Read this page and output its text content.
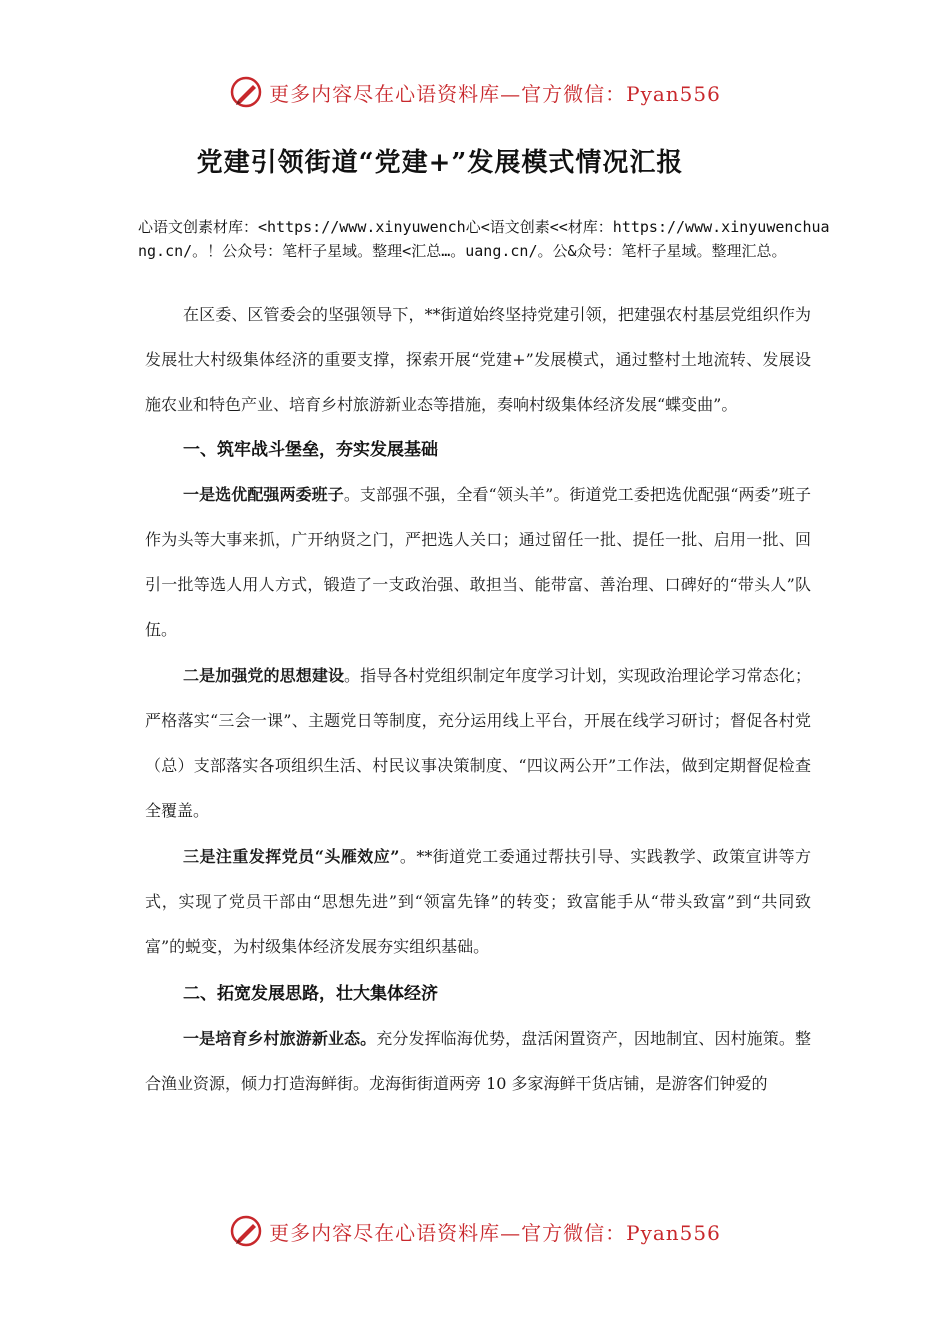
更多内容尽在心语资料库—官方微信：Pyan556
党建引领街道“党建+”发展模式情况汇报

心语文创素材库：<https://www.xinyuwench心<语文创素<<材库：https://www.xinyuwenchuang.cn/。！公众号：笔杆子星域。整理<汇总…。uang.cn/。公&众号：笔杆子星域。整理汇总。

在区委、区管委会的坚强领导下，**街道始终坚持党建引领，把建强农村基层党组织作为发展壮大村级集体经济的重要支撑，探索开展“党建+”发展模式，通过整村土地流转、发展设施农业和特色产业、培育乡村旅游新业态等措施，奏响村级集体经济发展“蝶变曲”。

一、筑牢战斗堡垒，夯实发展基础

一是选优配强两委班子。支部强不强，全看“领头羊”。街道党工委把选优配强“两委”班子作为头等大事来抓，广开纳贤之门，严把选人关口；通过留任一批、提任一批、启用一批、回引一批等选人用人方式，锻造了一支政治强、敢担当、能带富、善治理、口碑好的“带头人”队伍。

二是加强党的思想建设。指导各村党组织制定年度学习计划，实现政治理论学习常态化；严格落实“三会一课”、主题党日等制度，充分运用线上平台，开展在线学习研讨；督促各村党（总）支部落实各项组织生活、村民议事决策制度、“四议两公开”工作法，做到定期督促检查全覆盖。

三是注重发挥党员“头雁效应”。**街道党工委通过帮扶引导、实践教学、政策宣讲等方式，实现了党员干部由“思想先进”到“领富先锋”的转变；致富能手从“带头致富”到“共同致富”的蜕变，为村级集体经济发展夯实组织基础。

二、拓宽发展思路，壮大集体经济

一是培育乡村旅游新业态。充分发挥临海优势，盘活闲置资产，因地制宜、因村施策。整合渔业资源，倾力打造海鲜街。龙海街街道两旁 10 多家海鲜干货店铺，是游客们钟爱的

更多内容尽在心语资料库—官方微信：Pyan556
